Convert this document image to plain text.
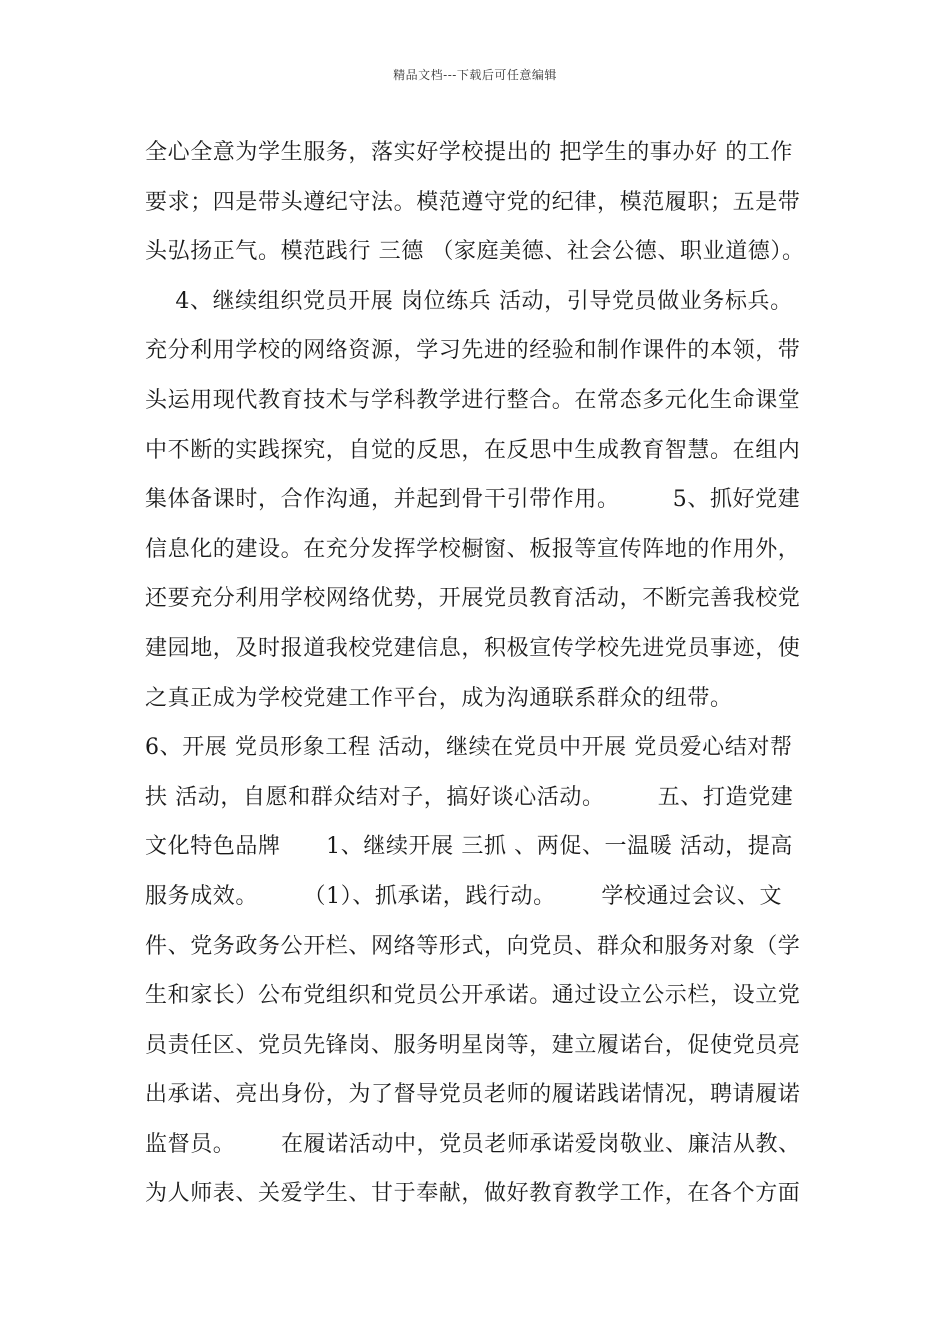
精品文档---下载后可任意编辑
全心全意为学生服务，落实好学校提出的 把学生的事办好 的工作
要求；四是带头遵纪守法。模范遵守党的纪律，模范履职；五是带
头弘扬正气。模范践行 三德 （家庭美德、社会公德、职业道德）。
4、继续组织党员开展 岗位练兵 活动，引导党员做业务标兵。
充分利用学校的网络资源，学习先进的经验和制作课件的本领，带
头运用现代教育技术与学科教学进行整合。在常态多元化生命课堂
中不断的实践探究，自觉的反思，在反思中生成教育智慧。在组内
集体备课时，合作沟通，并起到骨干引带作用。       5、抓好党建
信息化的建设。在充分发挥学校橱窗、板报等宣传阵地的作用外，
还要充分利用学校网络优势，开展党员教育活动，不断完善我校党
建园地，及时报道我校党建信息，积极宣传学校先进党员事迹，使
之真正成为学校党建工作平台，成为沟通联系群众的纽带。
6、开展 党员形象工程 活动，继续在党员中开展 党员爱心结对帮
扶 活动，自愿和群众结对子，搞好谈心活动。       五、打造党建
文化特色品牌      1、继续开展 三抓 、两促、一温暖 活动，提高
服务成效。      （1）、抓承诺，践行动。      学校通过会议、文
件、党务政务公开栏、网络等形式，向党员、群众和服务对象（学
生和家长）公布党组织和党员公开承诺。通过设立公示栏，设立党
员责任区、党员先锋岗、服务明星岗等，建立履诺台，促使党员亮
出承诺、亮出身份，为了督导党员老师的履诺践诺情况，聘请履诺
监督员。      在履诺活动中，党员老师承诺爱岗敬业、廉洁从教、
为人师表、关爱学生、甘于奉献，做好教育教学工作，在各个方面
